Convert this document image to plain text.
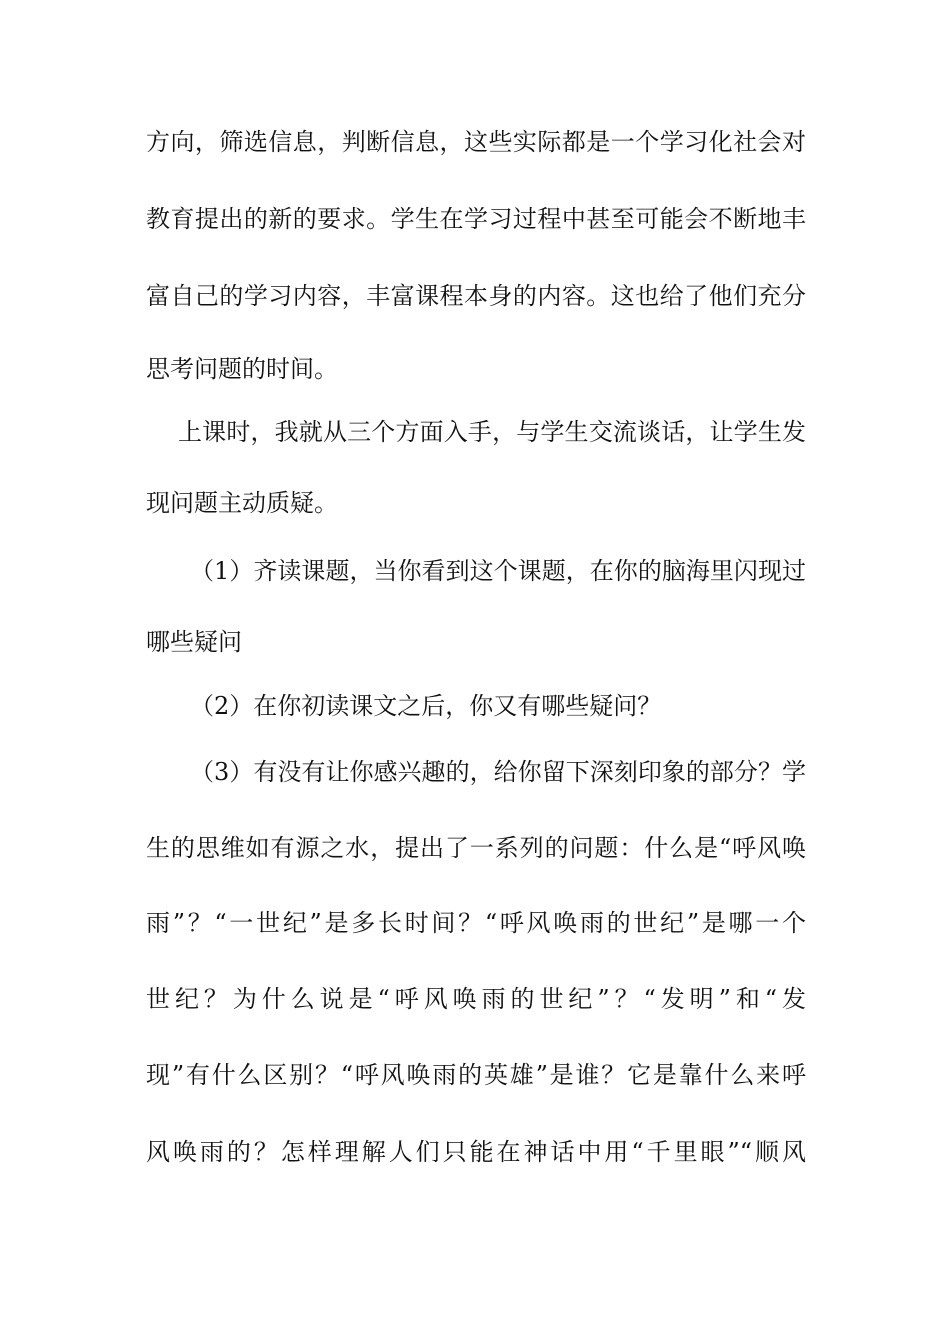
方向，筛选信息，判断信息，这些实际都是一个学习化社会对
教育提出的新的要求。学生在学习过程中甚至可能会不断地丰
富自己的学习内容，丰富课程本身的内容。这也给了他们充分
思考问题的时间。
上课时，我就从三个方面入手，与学生交流谈话，让学生发
现问题主动质疑。
（1）齐读课题，当你看到这个课题，在你的脑海里闪现过
哪些疑问
（2）在你初读课文之后，你又有哪些疑问？
（3）有没有让你感兴趣的，给你留下深刻印象的部分？学
生的思维如有源之水，提出了一系列的问题：什么是“呼风唤
雨”？“一世纪”是多长时间？“呼风唤雨的世纪”是哪一个
世纪？为什么说是“呼风唤雨的世纪”？“发明”和“发
现”有什么区别？“呼风唤雨的英雄”是谁？它是靠什么来呼
风唤雨的？怎样理解人们只能在神话中用“千里眼”“顺风
